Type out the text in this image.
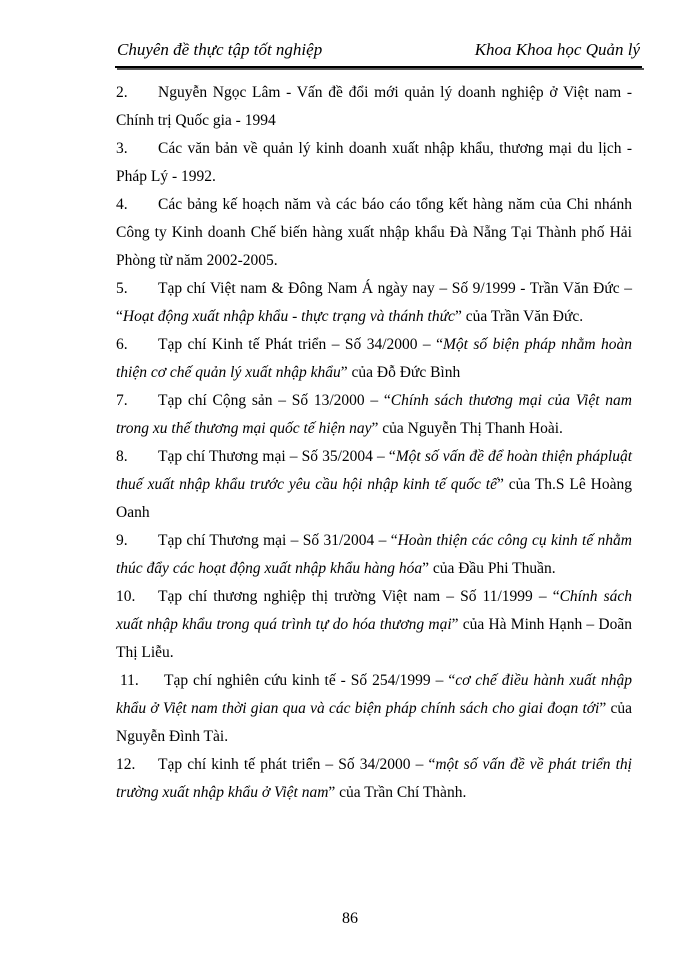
Chuyên đề thực tập tốt nghiệp	Khoa Khoa học Quản lý

2. Nguyễn Ngọc Lâm - Vấn đề đổi mới quản lý doanh nghiệp ở Việt nam - Chính trị Quốc gia - 1994

3. Các văn bản về quản lý kinh doanh xuất nhập khẩu, thương mại du lịch - Pháp Lý - 1992.

4. Các bảng kế hoạch năm và các báo cáo tổng kết hàng năm của Chi nhánh Công ty Kinh doanh Chế biến hàng xuất nhập khẩu Đà Nẵng Tại Thành phố Hải Phòng từ năm 2002-2005.

5. Tạp chí Việt nam & Đông Nam Á ngày nay – Số 9/1999 - Trần Văn Đức – “Hoạt động xuất nhập khẩu - thực trạng và thánh thức” của Trần Văn Đức.

6. Tạp chí Kinh tế Phát triển – Số 34/2000 – “Một số biện pháp nhằm hoàn thiện cơ chế quản lý xuất nhập khẩu” của Đỗ Đức Bình

7. Tạp chí Cộng sản – Số 13/2000 – “Chính sách thương mại của Việt nam trong xu thế thương mại quốc tế hiện nay” của Nguyễn Thị Thanh Hoài.

8. Tạp chí Thương mại – Số 35/2004 – “Một số vấn đề để hoàn thiện phápluật thuế xuất nhập khẩu trước yêu cầu hội nhập kinh tế quốc tế” của Th.S Lê Hoàng Oanh

9. Tạp chí Thương mại – Số 31/2004 – “Hoàn thiện các công cụ kinh tế nhằm thúc đẩy các hoạt động xuất nhập khẩu hàng hóa” của Đầu Phi Thuần.

10. Tạp chí thương nghiệp thị trường Việt nam – Số 11/1999 – “Chính sách xuất nhập khẩu trong quá trình tự do hóa thương mại” của Hà Minh Hạnh – Doãn Thị Liễu.

11. Tạp chí nghiên cứu kinh tế - Số 254/1999 – “cơ chế điều hành xuất nhập khẩu ở Việt nam thời gian qua và các biện pháp chính sách cho giai đoạn tới” của Nguyễn Đình Tài.

12. Tạp chí kinh tế phát triển – Số 34/2000 – “một số vấn đề về phát triển thị trường xuất nhập khẩu ở Việt nam” của Trần Chí Thành.

86
